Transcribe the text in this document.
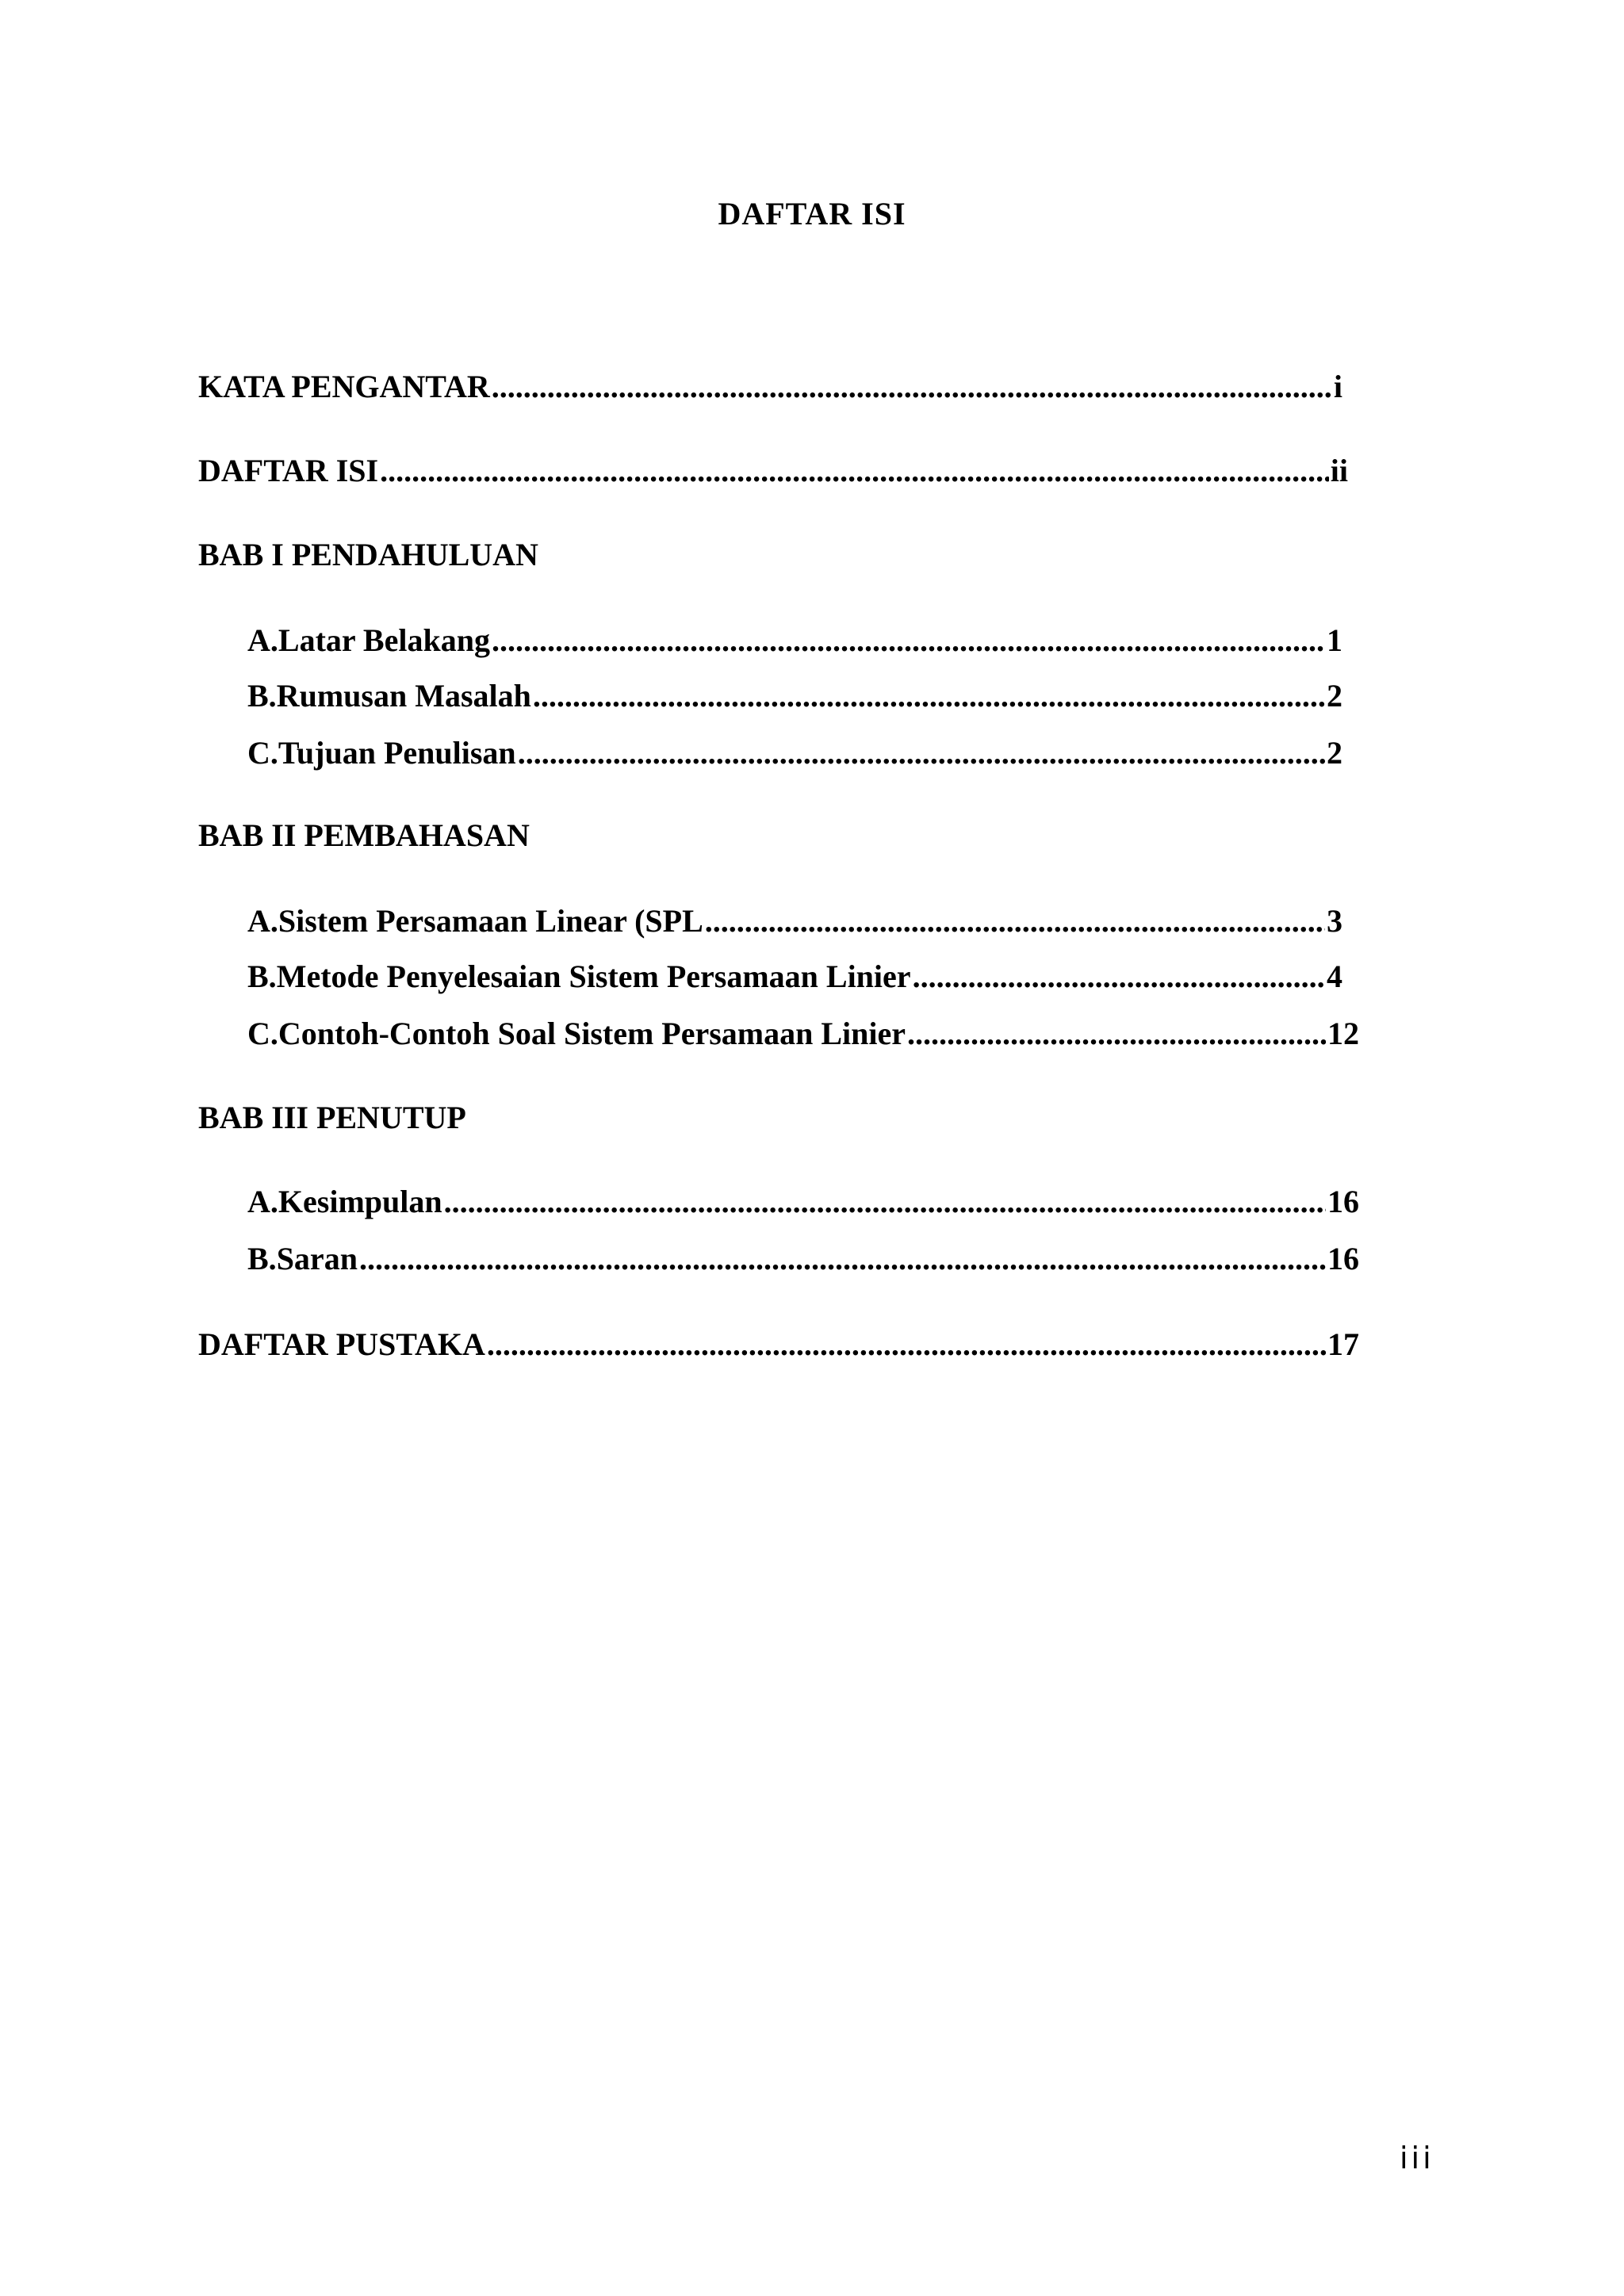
DAFTAR ISI
KATA PENGANTAR .....	i
DAFTAR ISI .....	ii
BAB I PENDAHULUAN
A. Latar Belakang .....	1
B. Rumusan Masalah .....	2
C. Tujuan Penulisan .....	2
BAB II PEMBAHASAN
A. Sistem Persamaan Linear (SPL .....	3
B. Metode Penyelesaian Sistem Persamaan Linier .....	4
C. Contoh-Contoh Soal Sistem Persamaan Linier .....	12
BAB III PENUTUP
A. Kesimpulan .....	16
B. Saran .....	16
DAFTAR PUSTAKA .....	17
iii
